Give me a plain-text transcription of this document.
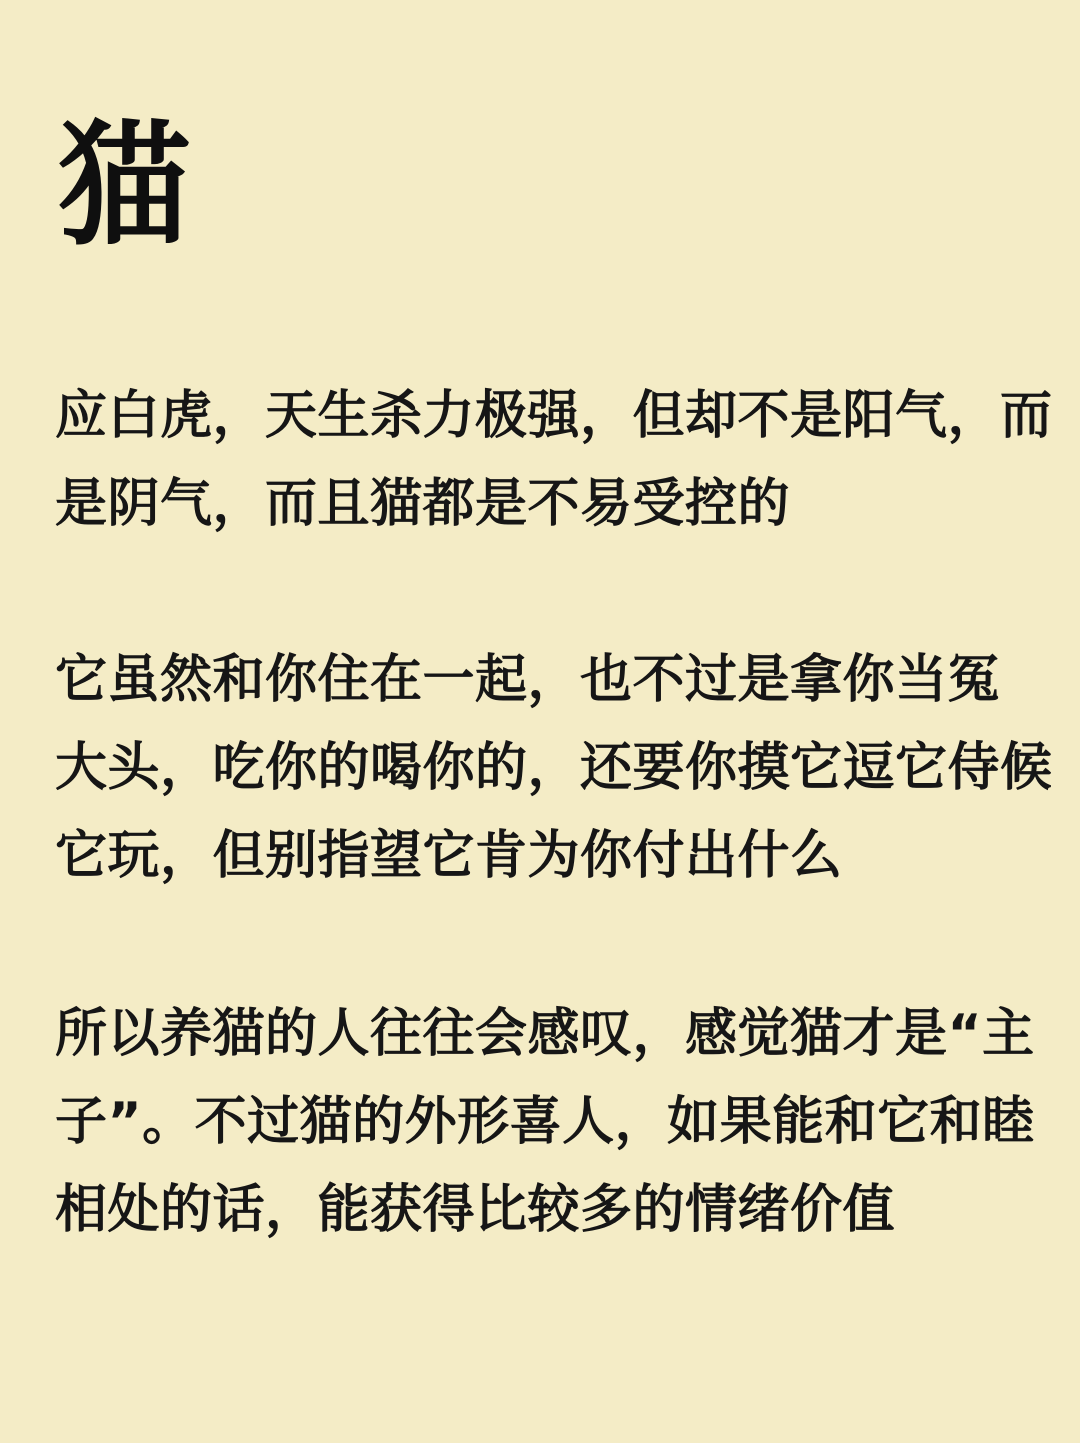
猫
应白虎，天生杀力极强，但却不是阳气，而
是阴气，而且猫都是不易受控的
它虽然和你住在一起，也不过是拿你当冤
大头，吃你的喝你的，还要你摸它逗它侍候
它玩，但别指望它肯为你付出什么
所以养猫的人往往会感叹，感觉猫才是“主
子”。不过猫的外形喜人，如果能和它和睦
相处的话，能获得比较多的情绪价值
